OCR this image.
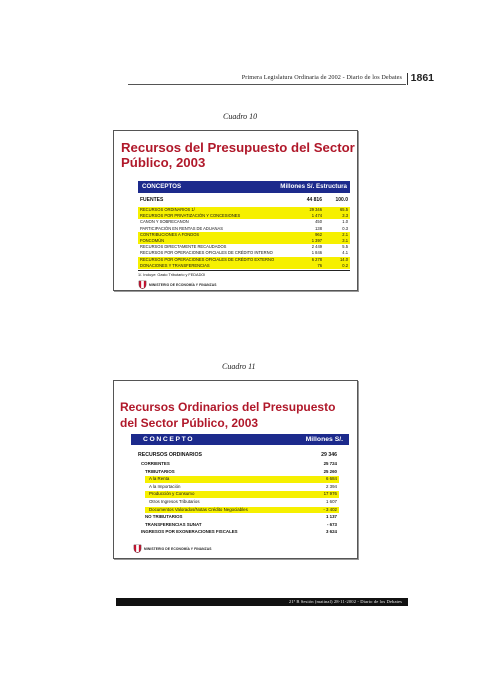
Primera Legislatura Ordinaria de 2002 - Diario de los Debates 1861
Cuadro 10
Recursos del Presupuesto del Sector
Público, 2003
CONCEPTOS	Millones S/. Estructura
FUENTES	44 816	100.0
RECURSOS ORDINARIOS 1/	29 346	65.5
RECURSOS POR PRIVATIZACIÓN Y CONCESIONES	1 474	3.3
CANON Y SOBRECANON	450	1.0
PARTICIPACIÓN EN RENTAS DE ADUANAS	138	0.3
CONTRIBUCIONES A FONDOS	962	2.1
FONCOMÚN	1 397	3.1
RECURSOS DIRECTAMENTE RECAUDADOS	2 449	5.5
RECURSOS POR OPERACIONES OFICIALES DE CRÉDITO INTERNO	1 846	4.1
RECURSOS POR OPERACIONES OFICIALES DE CRÉDITO EXTERNO	6 278	14.0
DONACIONES Y TRANSFERENCIAS	76	0.2
1/. Incluye: Gasto Tributario y FEDADOI
MINISTERIO DE ECONOMÍA Y FINANZAS
Cuadro 11
Recursos Ordinarios del Presupuesto
del Sector Público, 2003
CONCEPTO	Millones S/.
RECURSOS ORDINARIOS	29 346
CORRIENTES	25 724
TRIBUTARIOS	25 260
A la Renta	6 684
A la Importación	2 394
Producción y Consumo	17 976
Otros Ingresos Tributarios	1 607
Documentos Valorados/Notas Crédito Negociables	- 3 402
NO TRIBUTARIOS	1 137
TRANSFERENCIAS SUNAT	- 673
INGRESOS POR EXONERACIONES FISCALES	3 624
MINISTERIO DE ECONOMÍA Y FINANZAS
21ª B Sesión (matinal) 28-11-2002 - Diario de los Debates
